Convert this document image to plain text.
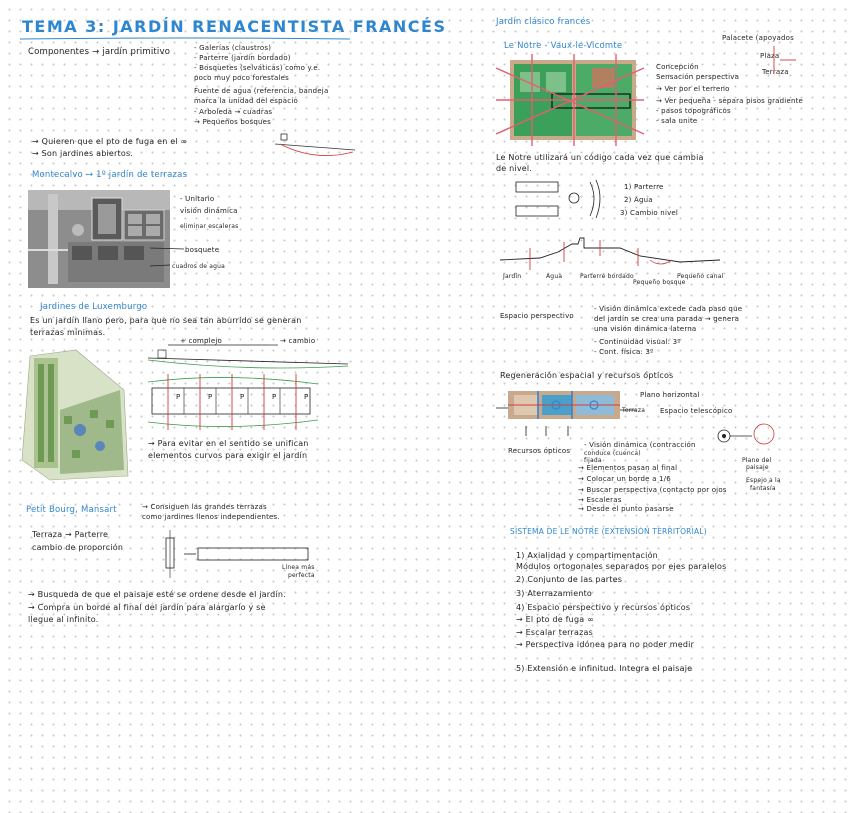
TEMA 3: JARDÍN RENACENTISTA FRANCÉS
Componentes → jardín primitivo	- Galerías (claustros)
- Parterre (jardín bordado)
- Bosquetes (selváticas) como y.e.
poco muy poco forestales
Fuente de agua (referencia, bandeja
marca la unidad del espacio
- Arboleda → cuadras
→ Pequeños bosques
→ Quieren que el pto de fuga en el ∞
→ Son jardines abiertos.
Montecalvo → 1º jardín de terrazas
- Unitario
visión dinámica
eliminar escaleras
bosquete
cuadros de agua
Jardines de Luxemburgo
Es un jardín llano pero, para que no sea tan aburrido se generan
terrazas mínimas.
+ complejo	→ cambio
P	P	P	P	P
→ Para evitar en el sentido se unifican
elementos curvos para exigir el jardín
Petit Bourg, Mansart	→ Consiguen las grandes terrazas
como jardines llenos independientes.
Terraza → Parterre
cambio de proporción
Línea más
perfecta
→ Busqueda de que el paisaje esté se ordene desde el jardín.
→ Compra un borde al final del jardín para alargarlo y se
llegue al infinito.
Jardín clásico francés
Le Notre - Vaux-le-Vicomte
Palacete (apoyados
Plaza
Terraza
Concepción
Sensación perspectiva
→ Ver por el terreno
→ Ver pequeña - separa pisos gradiente
- pasos topográficos
- sala unite
Le Notre utilizará un código cada vez que cambia
de nivel.
1) Parterre
2) Agua
3) Cambio nivel
Jardín	Agua	Parterre bordado
Pequeño bosque
Pequeño canal
Espacio perspectivo
- Visión dinámica excede cada paso que
del jardín se crea una parada → genera
una visión dinámica laterna
- Continuidad visual: 3º
- Cont. física: 3º
Regeneración espacial y recursos ópticos
Plano horizontal
Espacio telescópico
Terraza
Recursos ópticos
- Visión dinámica (contracción
conduce (cuenca)
fijada
→ Elementos pasan al final
→ Colocar un borde a 1/6
→ Buscar perspectiva (contacto por ojos
→ Escaleras
→ Desde el punto pasarse
Plano del
paisaje
Espejo a la
fantasía
SISTEMA DE LE NOTRE (EXTENSIÓN TERRITORIAL)
1) Axialidad y compartimentación
Módulos ortogonales separados por ejes paralelos
2) Conjunto de las partes
3) Aterrazamiento
4) Espacio perspectivo y recursos ópticos
→ El pto de fuga ∞
→ Escalar terrazas
→ Perspectiva idónea para no poder medir
5) Extensión e infinitud. Integra el paisaje
